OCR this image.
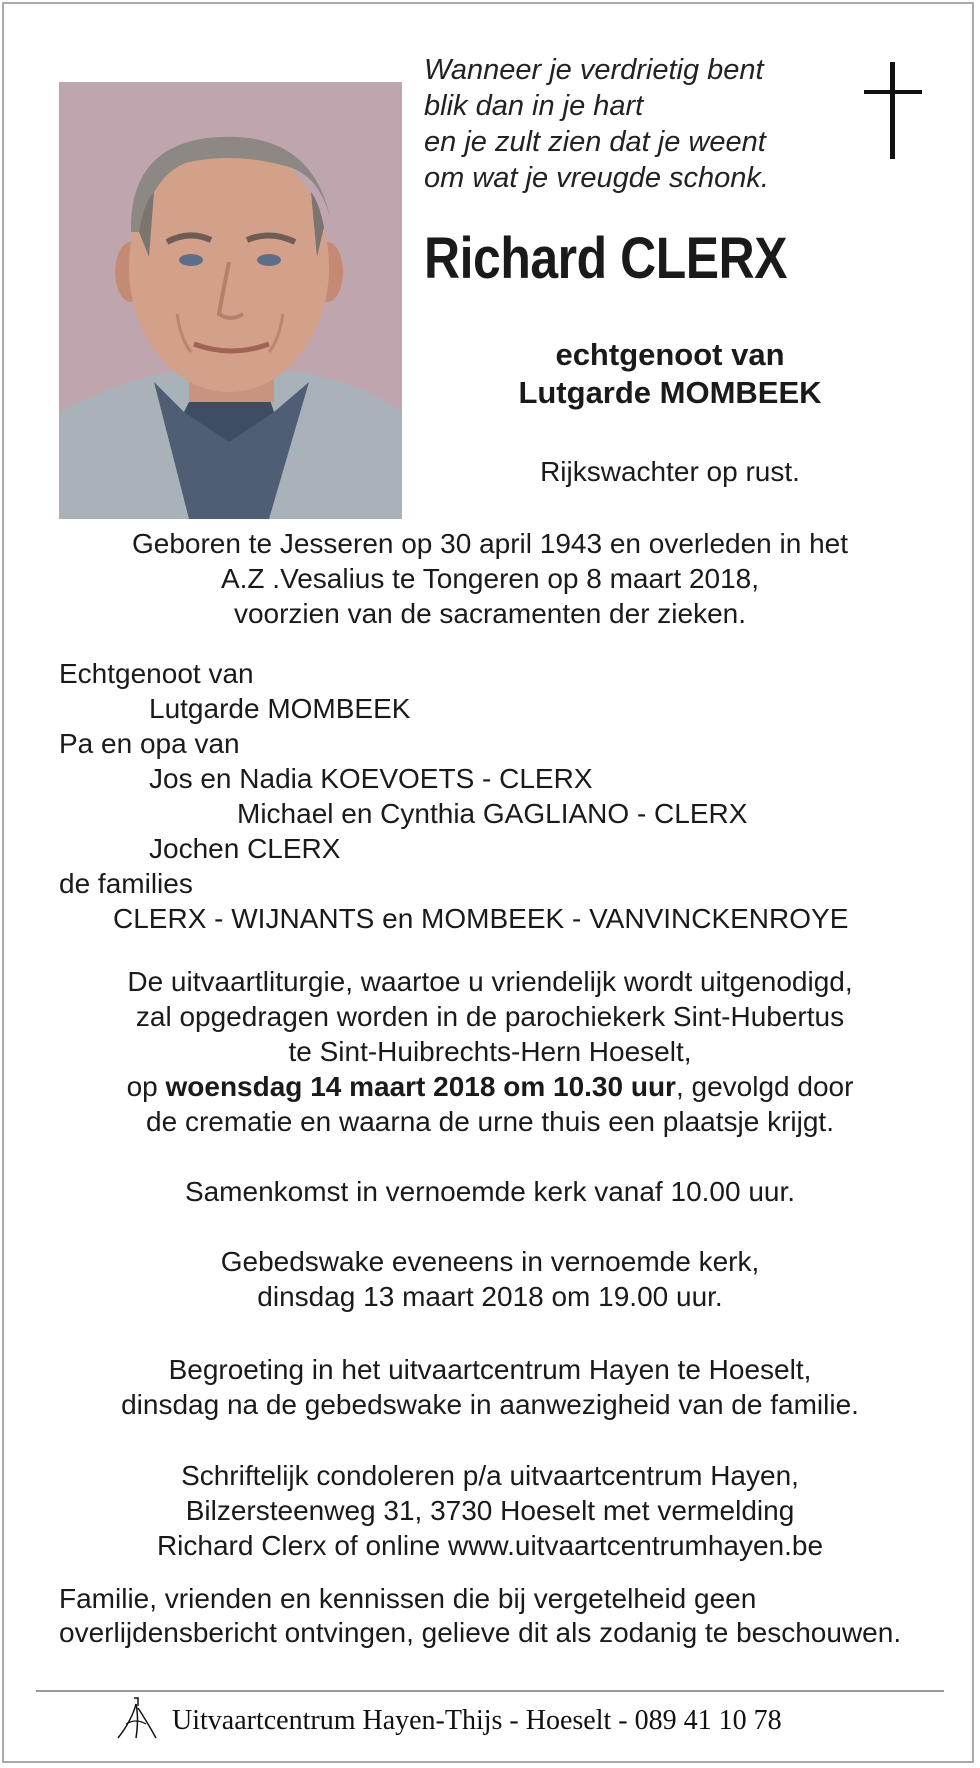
Wanneer je verdrietig bent
blik dan in je hart
en je zult zien dat je weent
om wat je vreugde schonk.
Richard CLERX
echtgenoot van
Lutgarde MOMBEEK
Rijkswachter op rust.
Geboren te Jesseren op 30 april 1943 en overleden in het
A.Z .Vesalius te Tongeren op 8 maart 2018,
voorzien van de sacramenten der zieken.
Echtgenoot van
Lutgarde MOMBEEK
Pa en opa van
Jos en Nadia KOEVOETS - CLERX
Michael en Cynthia GAGLIANO - CLERX
Jochen CLERX
de families
CLERX - WIJNANTS en MOMBEEK - VANVINCKENROYE
De uitvaartliturgie, waartoe u vriendelijk wordt uitgenodigd,
zal opgedragen worden in de parochiekerk Sint-Hubertus
te Sint-Huibrechts-Hern Hoeselt,
op woensdag 14 maart 2018 om 10.30 uur, gevolgd door
de crematie en waarna de urne thuis een plaatsje krijgt.
Samenkomst in vernoemde kerk vanaf 10.00 uur.
Gebedswake eveneens in vernoemde kerk,
dinsdag 13 maart 2018 om 19.00 uur.
Begroeting in het uitvaartcentrum Hayen te Hoeselt,
dinsdag na de gebedswake in aanwezigheid van de familie.
Schriftelijk condoleren p/a uitvaartcentrum Hayen,
Bilzersteenweg 31, 3730 Hoeselt met vermelding
Richard Clerx of online www.uitvaartcentrumhayen.be
Familie, vrienden en kennissen die bij vergetelheid geen overlijdensbericht ontvingen, gelieve dit als zodanig te beschouwen.
Uitvaartcentrum Hayen-Thijs - Hoeselt - 089 41 10 78
